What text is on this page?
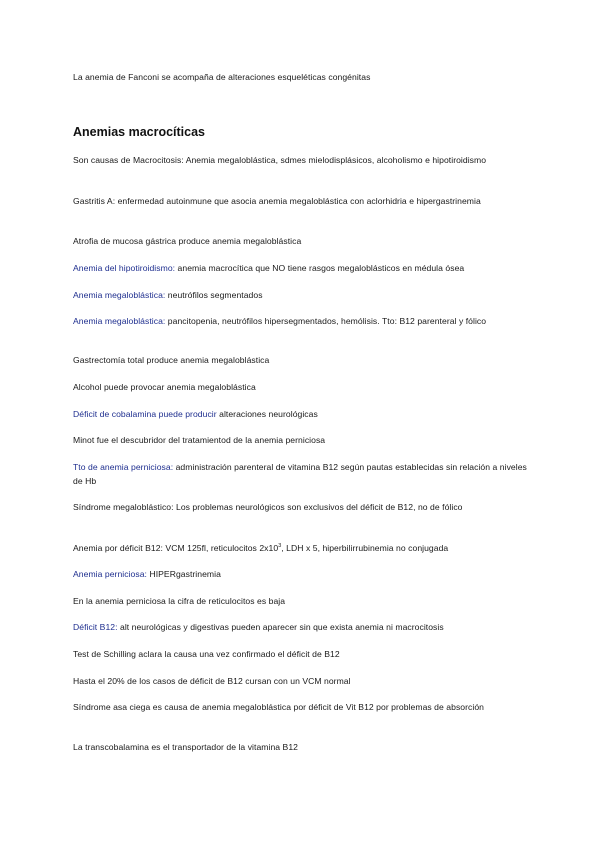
La anemia de Fanconi se acompaña de alteraciones esqueléticas congénitas
Anemias macrocíticas
Son causas de Macrocitosis: Anemia megaloblástica, sdmes mielodisplásicos, alcoholismo e hipotiroidismo
Gastritis A: enfermedad autoinmune que asocia anemia megaloblástica con aclorhidria e hipergastrinemia
Atrofia de mucosa gástrica produce anemia megaloblástica
Anemia del hipotiroidismo: anemia macrocítica que NO tiene rasgos megaloblásticos en médula ósea
Anemia megaloblástica: neutrófilos segmentados
Anemia megaloblástica: pancitopenia, neutrófilos hipersegmentados, hemólisis. Tto: B12 parenteral y fólico
Gastrectomía total produce anemia megaloblástica
Alcohol puede provocar anemia megaloblástica
Déficit de cobalamina puede producir alteraciones neurológicas
Minot fue el descubridor del tratamientod de la anemia perniciosa
Tto de anemia perniciosa: administración parenteral de vitamina B12 según pautas establecidas sin relación a niveles de Hb
Síndrome megaloblástico: Los problemas neurológicos son exclusivos del déficit de B12, no de fólico
Anemia por déficit B12: VCM 125fl, reticulocitos $2x10^3$, LDH x 5, hiperbilirrubinemia no conjugada
Anemia perniciosa: HIPERgastrinemia
En la anemia perniciosa la cifra de reticulocitos es baja
Déficit B12: alt neurológicas y digestivas pueden aparecer sin que exista anemia ni macrocitosis
Test de Schilling aclara la causa una vez confirmado el déficit de B12
Hasta el 20% de los casos de déficit de B12 cursan con un VCM normal
Síndrome asa ciega es causa de anemia megaloblástica por déficit de Vit B12 por problemas de absorción
La transcobalamina es el transportador de la vitamina B12
